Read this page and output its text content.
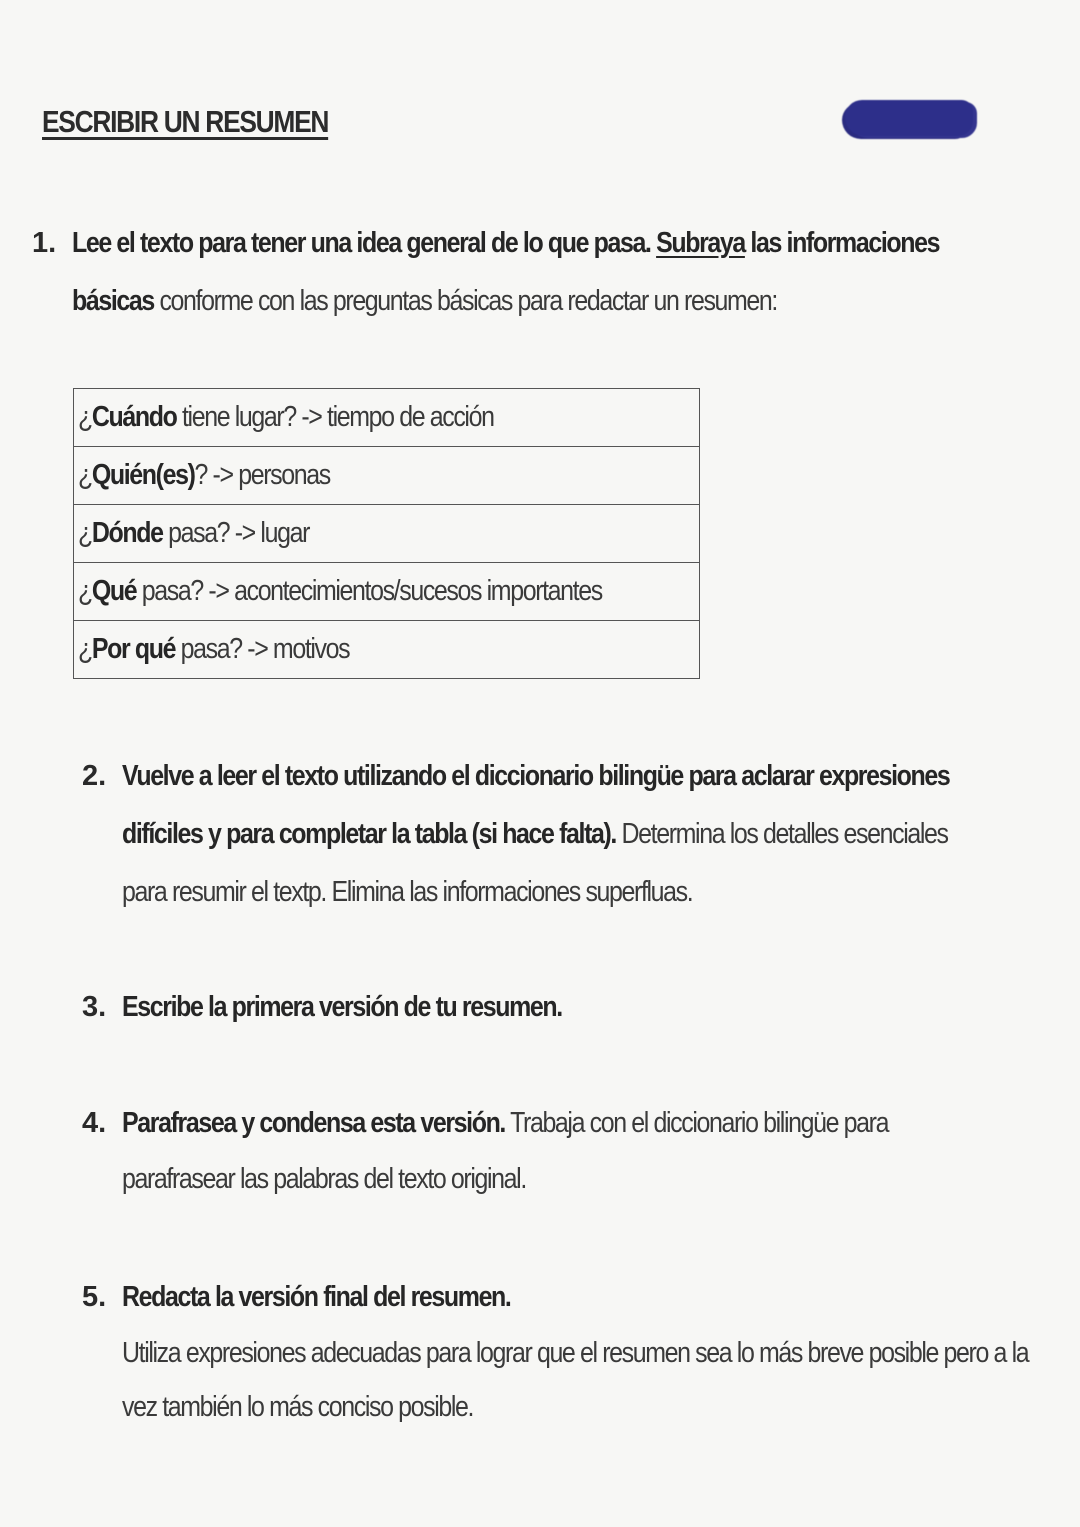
ESCRIBIR UN RESUMEN
¿Cuándo tiene lugar? -> tiempo de acción
¿Quién(es)? -> personas
¿Dónde pasa? -> lugar
¿Qué pasa? -> acontecimientos/sucesos importantes
¿Por qué pasa? -> motivos
1. Lee el texto para tener una idea general de lo que pasa. Subraya las informaciones
básicas conforme con las preguntas básicas para redactar un resumen:
2. Vuelve a leer el texto utilizando el diccionario bilingüe para aclarar expresiones
difíciles y para completar la tabla (si hace falta). Determina los detalles esenciales
para resumir el textp. Elimina las informaciones superfluas.
3. Escribe la primera versión de tu resumen.
4. Parafrasea y condensa esta versión. Trabaja con el diccionario bilingüe para
parafrasear las palabras del texto original.
5. Redacta la versión final del resumen.
Utiliza expresiones adecuadas para lograr que el resumen sea lo más breve posible pero a la
vez también lo más conciso posible.
